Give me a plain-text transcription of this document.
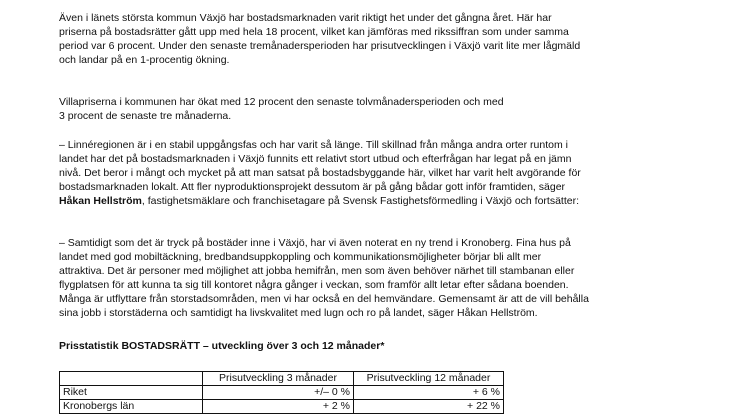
Även i länets största kommun Växjö har bostadsmarknaden varit riktigt het under det gångna året. Här har
priserna på bostadsrätter gått upp med hela 18 procent, vilket kan jämföras med rikssiffran som under samma
period var 6 procent. Under den senaste tremånadersperioden har prisutvecklingen i Växjö varit lite mer lågmäld
och landar på en 1-procentig ökning.

Villapriserna i kommunen har ökat med 12 procent den senaste tolvmånadersperioden och med
3 procent de senaste tre månaderna.

– Linnéregionen är i en stabil uppgångsfas och har varit så länge. Till skillnad från många andra orter runtom i
landet har det på bostadsmarknaden i Växjö funnits ett relativt stort utbud och efterfrågan har legat på en jämn
nivå. Det beror i mångt och mycket på att man satsat på bostadsbyggande här, vilket har varit helt avgörande för
bostadsmarknaden lokalt. Att fler nyproduktionsprojekt dessutom är på gång bådar gott inför framtiden, säger
Håkan Hellström, fastighetsmäklare och franchisetagare på Svensk Fastighetsförmedling i Växjö och fortsätter:

– Samtidigt som det är tryck på bostäder inne i Växjö, har vi även noterat en ny trend i Kronoberg. Fina hus på
landet med god mobiltäckning, bredbandsuppkoppling och kommunikationsmöjligheter börjar bli allt mer
attraktiva. Det är personer med möjlighet att jobba hemifrån, men som även behöver närhet till stambanan eller
flygplatsen för att kunna ta sig till kontoret några gånger i veckan, som framför allt letar efter sådana boenden.
Många är utflyttare från storstadsområden, men vi har också en del hemvändare. Gemensamt är att de vill behålla
sina jobb i storstäderna och samtidigt ha livskvalitet med lugn och ro på landet, säger Håkan Hellström.

Prisstatistik BOSTADSRÄTT – utveckling över 3 och 12 månader*

	Prisutveckling 3 månader	Prisutveckling 12 månader
Riket	+/– 0 %	+ 6 %
Kronobergs län	+ 2 %	+ 22 %
